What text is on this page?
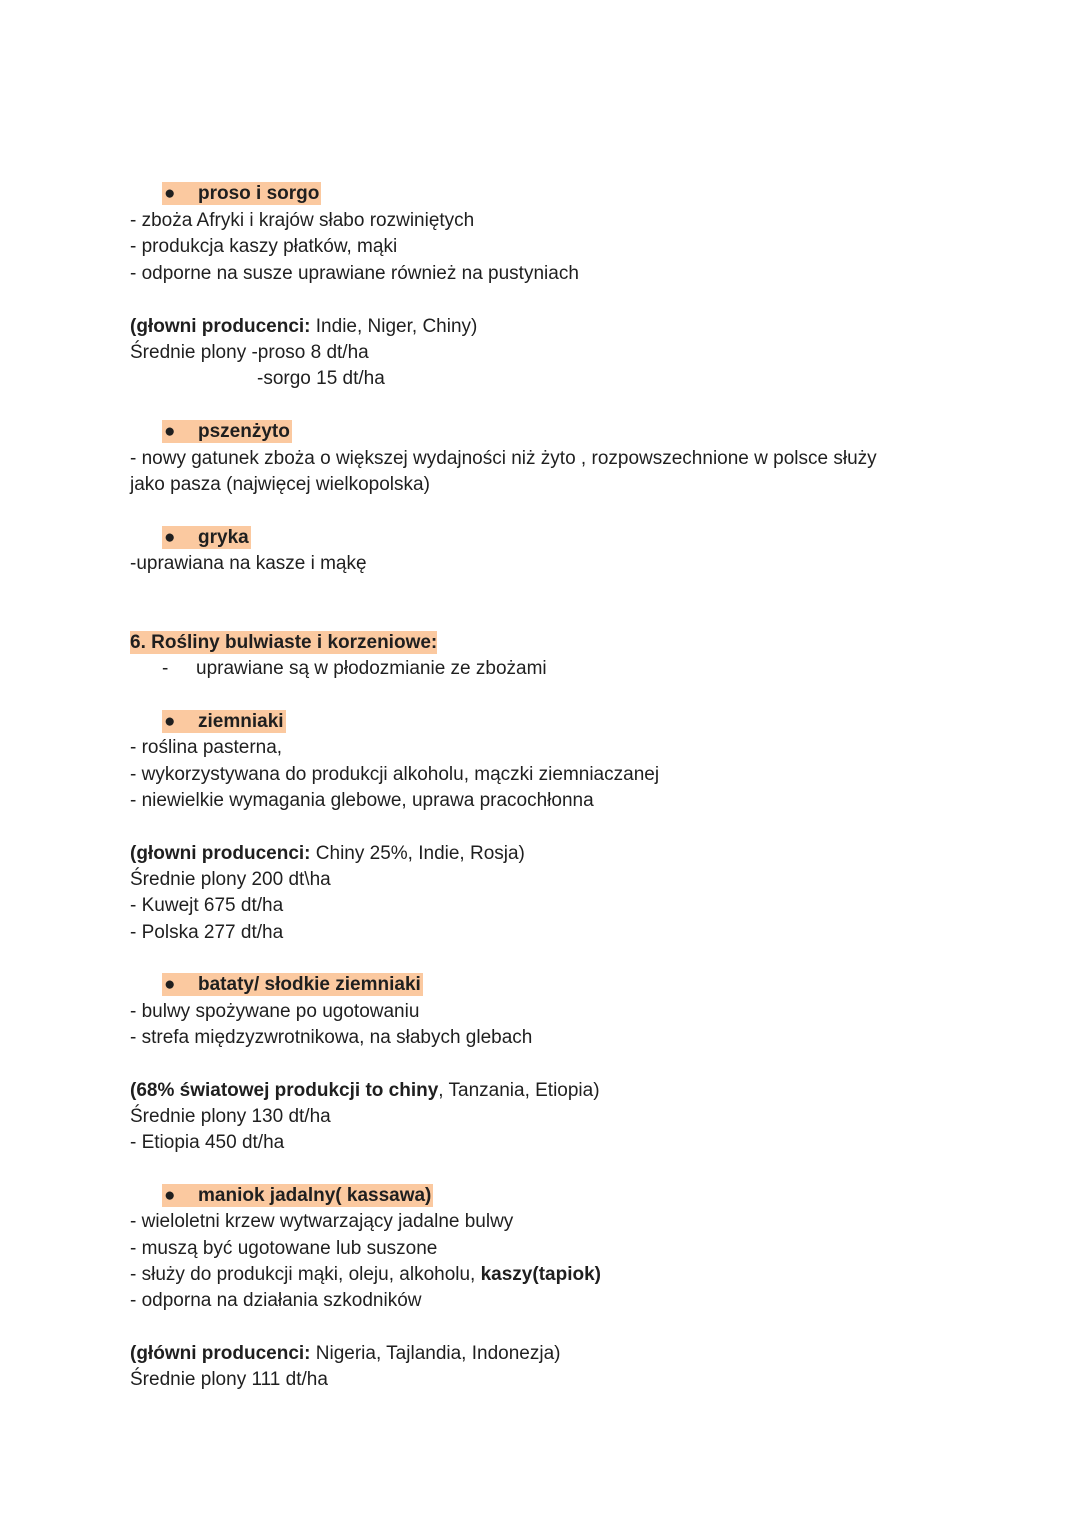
● proso i sorgo
- zboża Afryki i krajów słabo rozwiniętych
- produkcja kaszy płatków, mąki
- odporne na susze uprawiane również na pustyniach
(głowni producenci: Indie, Niger, Chiny)
Średnie plony -proso 8 dt/ha
-sorgo 15 dt/ha
● pszenżyto
- nowy gatunek zboża o większej wydajności niż żyto , rozpowszechnione w polsce służy
jako pasza (najwięcej wielkopolska)
● gryka
-uprawiana na kasze i mąkę
6. Rośliny bulwiaste i korzeniowe:
- uprawiane są w płodozmianie ze zbożami
● ziemniaki
- roślina pasterna,
- wykorzystywana do produkcji alkoholu, mączki ziemniaczanej
- niewielkie wymagania glebowe, uprawa pracochłonna
(głowni producenci: Chiny 25%, Indie, Rosja)
Średnie plony 200 dt\ha
- Kuwejt 675 dt/ha
- Polska 277 dt/ha
● bataty/ słodkie ziemniaki
- bulwy spożywane po ugotowaniu
- strefa międzyzwrotnikowa, na słabych glebach
(68% światowej produkcji to chiny, Tanzania, Etiopia)
Średnie plony 130 dt/ha
- Etiopia 450 dt/ha
● maniok jadalny( kassawa)
- wieloletni krzew wytwarzający jadalne bulwy
- muszą być ugotowane lub suszone
- służy do produkcji mąki, oleju, alkoholu, kaszy(tapiok)
- odporna na działania szkodników
(główni producenci: Nigeria, Tajlandia, Indonezja)
Średnie plony 111 dt/ha
